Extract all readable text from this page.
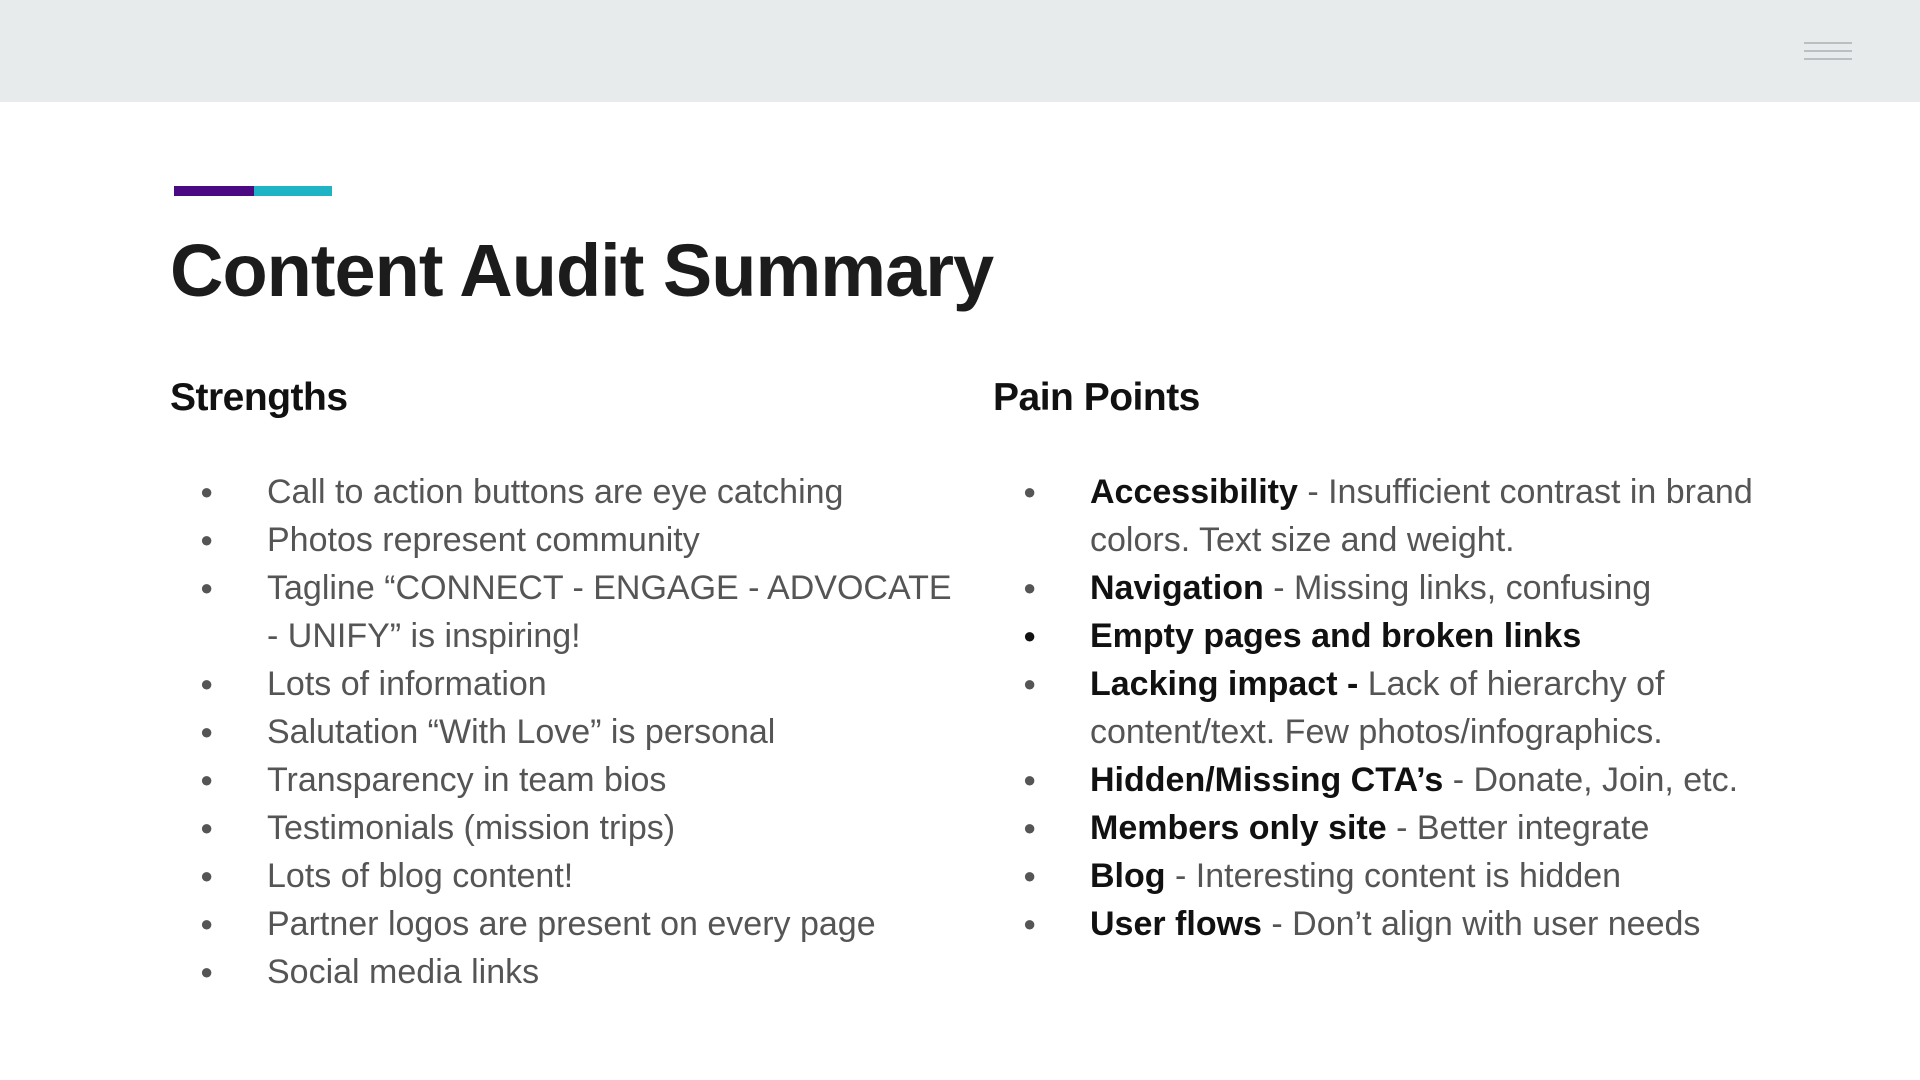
Content Audit Summary
Strengths
● Call to action buttons are eye catching
● Photos represent community
● Tagline “CONNECT - ENGAGE - ADVOCATE - UNIFY” is inspiring!
● Lots of information
● Salutation “With Love” is personal
● Transparency in team bios
● Testimonials (mission trips)
● Lots of blog content!
● Partner logos are present on every page
● Social media links
Pain Points
● Accessibility - Insufficient contrast in brand colors. Text size and weight.
● Navigation - Missing links, confusing
● Empty pages and broken links
● Lacking impact - Lack of hierarchy of content/text. Few photos/infographics.
● Hidden/Missing CTA’s - Donate, Join, etc.
● Members only site - Better integrate
● Blog - Interesting content is hidden
● User flows - Don’t align with user needs
